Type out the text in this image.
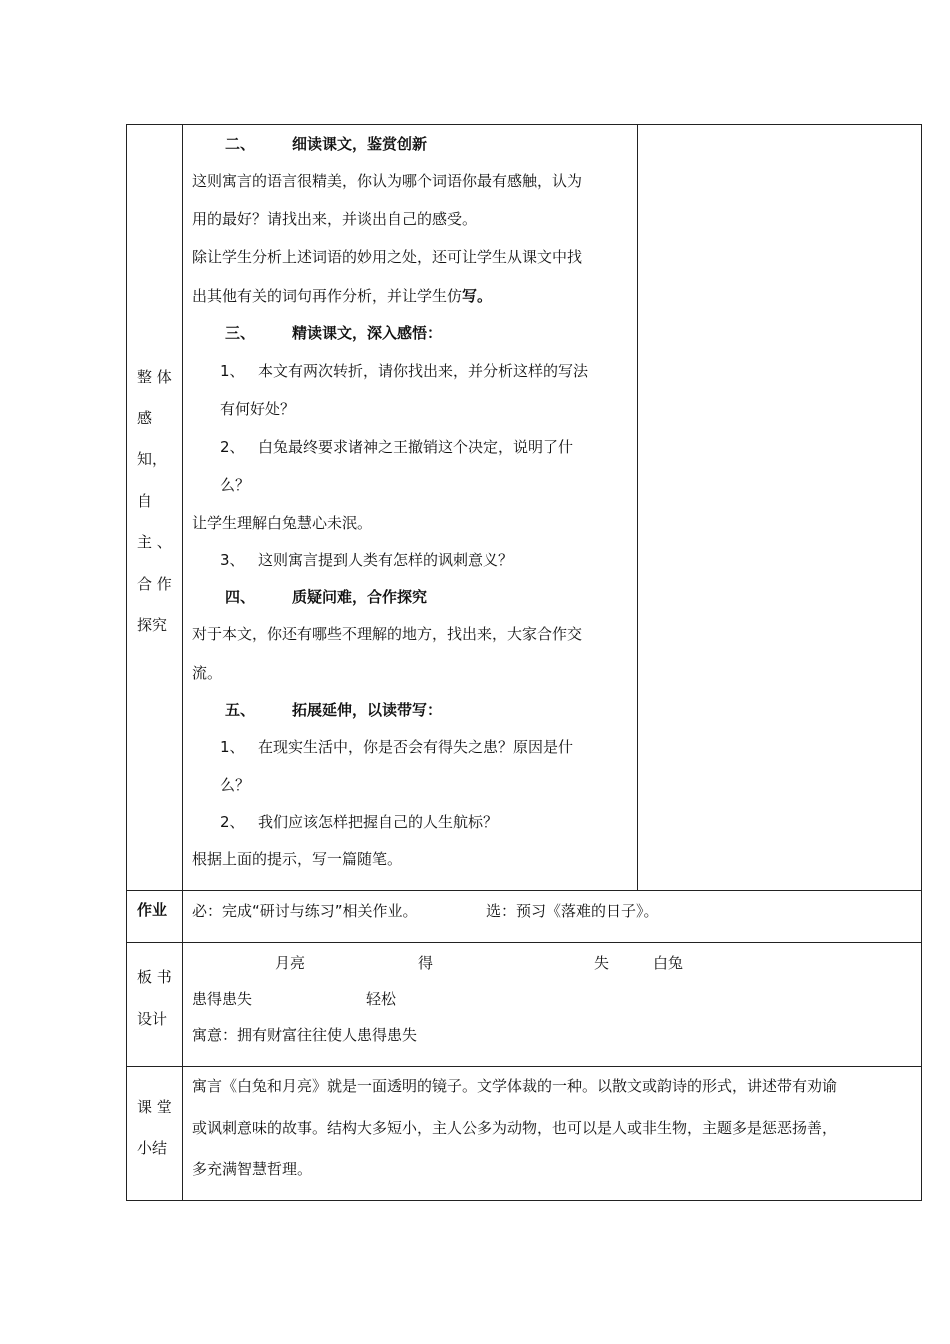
整 体
感
知，
自
主 、
合 作
探究
二、 细读课文，鉴赏创新
这则寓言的语言很精美，你认为哪个词语你最有感触，认为
用的最好？请找出来，并谈出自己的感受。
除让学生分析上述词语的妙用之处，还可让学生从课文中找
出其他有关的词句再作分析，并让学生仿写。
三、 精读课文，深入感悟：
1、 本文有两次转折，请你找出来，并分析这样的写法
有何好处？
2、 白兔最终要求诸神之王撤销这个决定，说明了什
么？
让学生理解白兔慧心未泯。
3、 这则寓言提到人类有怎样的讽刺意义？
四、 质疑问难，合作探究
对于本文，你还有哪些不理解的地方，找出来，大家合作交
流。
五、 拓展延伸，以读带写：
1、 在现实生活中，你是否会有得失之患？原因是什
么？
2、 我们应该怎样把握自己的人生航标？
根据上面的提示，写一篇随笔。
作业 必：完成“研讨与练习”相关作业。	选：预习《落难的日子》。
板 书
设计
月亮	得	失	白兔
患得患失	轻松
寓意：拥有财富往往使人患得患失
课 堂
小结
寓言《白兔和月亮》就是一面透明的镜子。文学体裁的一种。以散文或韵诗的形式，讲述带有劝谕
或讽刺意味的故事。结构大多短小，主人公多为动物，也可以是人或非生物，主题多是惩恶扬善，
多充满智慧哲理。
